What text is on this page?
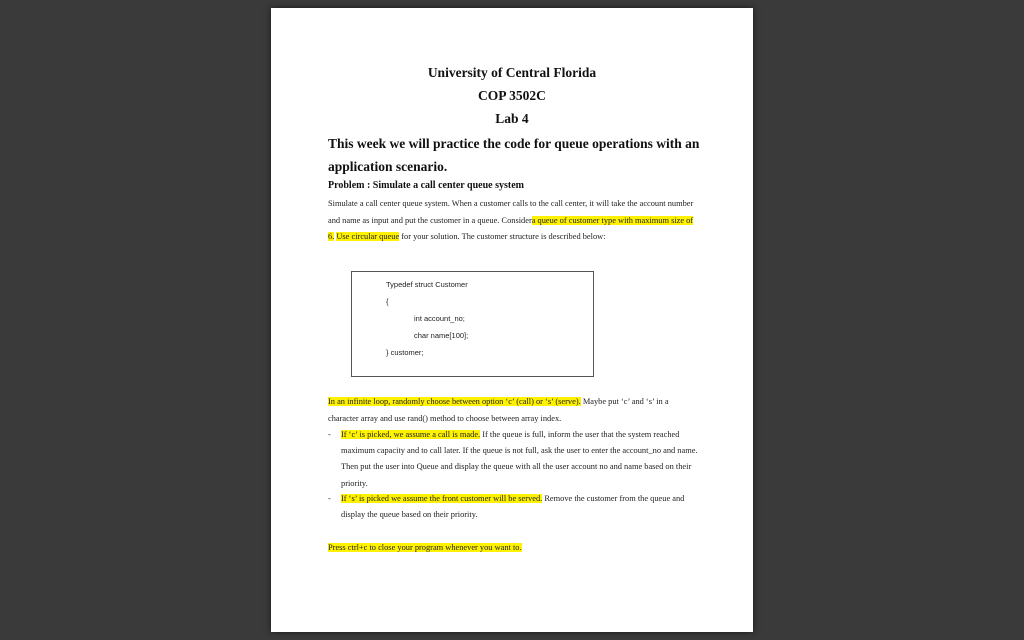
University of Central Florida
COP 3502C
Lab 4
This week we will practice the code for queue operations with an application scenario.
Problem : Simulate a call center queue system
Simulate a call center queue system. When a customer calls to the call center, it will take the account number and name as input and put the customer in a queue. Considera queue of customer type with maximum size of 6. Use circular queue for your solution. The customer structure is described below:
Typedef struct Customer
{
int account_no;
char name[100];
} customer;
In an infinite loop, randomly choose between option ‘c’ (call) or ‘s’ (serve). Maybe put ‘c’ and ‘s’ in a character array and use rand() method to choose between array index.
- If ‘c’ is picked, we assume a call is made. If the queue is full, inform the user that the system reached maximum capacity and to call later. If the queue is not full, ask the user to enter the account_no and name. Then put the user into Queue and display the queue with all the user account no and name based on their priority.
- If ‘s’ is picked we assume the front customer will be served. Remove the customer from the queue and display the queue based on their priority.
Press ctrl+c to close your program whenever you want to.
